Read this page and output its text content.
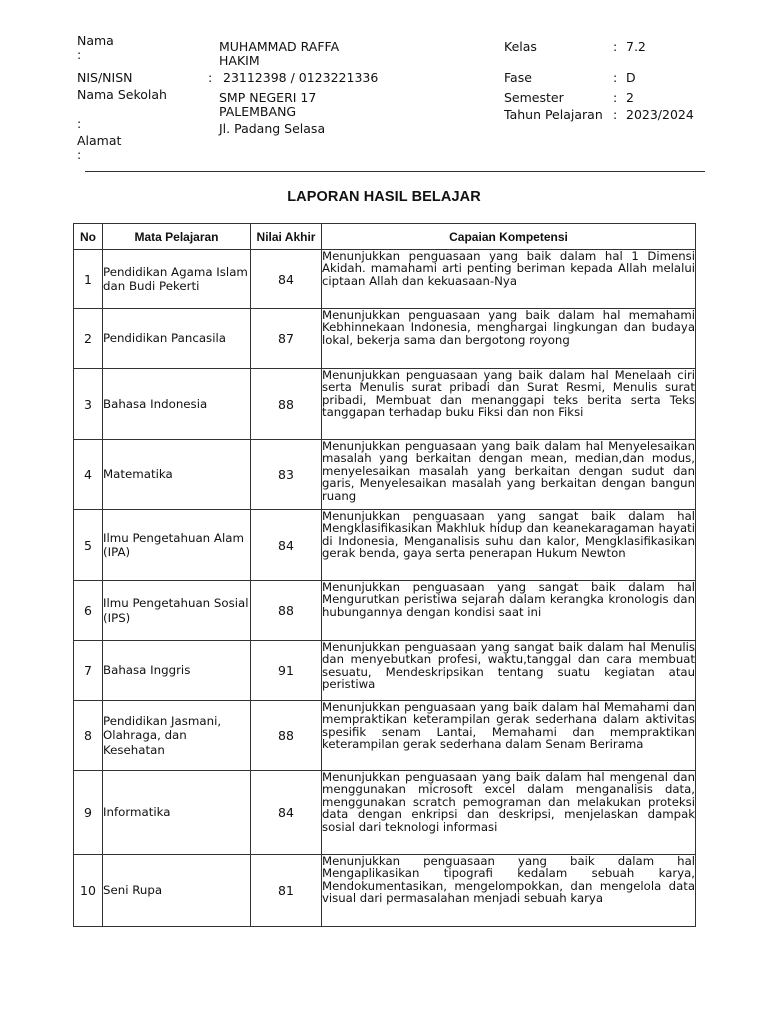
Nama
:
MUHAMMAD RAFFA
HAKIM
NIS/NISN	: 23112398 / 0123221336
Nama Sekolah
:
SMP NEGERI 17
PALEMBANG
Alamat
:
Jl. Padang Selasa
Kelas	: 7.2
Fase	: D
Semester	: 2
Tahun Pelajaran : 2023/2024
LAPORAN HASIL BELAJAR
No	Mata Pelajaran	Nilai Akhir	Capaian Kompetensi
1	Pendidikan Agama Islam dan Budi Pekerti	84	Menunjukkan penguasaan yang baik dalam hal 1 Dimensi Akidah. mamahami arti penting beriman kepada Allah melalui ciptaan Allah dan kekuasaan-Nya
2	Pendidikan Pancasila	87	Menunjukkan penguasaan yang baik dalam hal memahami Kebhinnekaan Indonesia, menghargai lingkungan dan budaya lokal, bekerja sama dan bergotong royong
3	Bahasa Indonesia	88	Menunjukkan penguasaan yang baik dalam hal Menelaah ciri serta Menulis surat pribadi dan Surat Resmi, Menulis surat pribadi, Membuat dan menanggapi teks berita serta Teks tanggapan terhadap buku Fiksi dan non Fiksi
4	Matematika	83	Menunjukkan penguasaan yang baik dalam hal Menyelesaikan masalah yang berkaitan dengan mean, median,dan modus, menyelesaikan masalah yang berkaitan dengan sudut dan garis, Menyelesaikan masalah yang berkaitan dengan bangun ruang
5	Ilmu Pengetahuan Alam (IPA)	84	Menunjukkan penguasaan yang sangat baik dalam hal Mengklasifikasikan Makhluk hidup dan keanekaragaman hayati di Indonesia, Menganalisis suhu dan kalor, Mengklasifikasikan gerak benda, gaya serta penerapan Hukum Newton
6	Ilmu Pengetahuan Sosial (IPS)	88	Menunjukkan penguasaan yang sangat baik dalam hal Mengurutkan peristiwa sejarah dalam kerangka kronologis dan hubungannya dengan kondisi saat ini
7	Bahasa Inggris	91	Menunjukkan penguasaan yang sangat baik dalam hal Menulis dan menyebutkan profesi, waktu,tanggal dan cara membuat sesuatu, Mendeskripsikan tentang suatu kegiatan atau peristiwa
8	Pendidikan Jasmani, Olahraga, dan Kesehatan	88	Menunjukkan penguasaan yang baik dalam hal Memahami dan mempraktikan keterampilan gerak sederhana dalam aktivitas spesifik senam Lantai, Memahami dan mempraktikan keterampilan gerak sederhana dalam Senam Berirama
9	Informatika	84	Menunjukkan penguasaan yang baik dalam hal mengenal dan menggunakan microsoft excel dalam menganalisis data, menggunakan scratch pemograman dan melakukan proteksi data dengan enkripsi dan deskripsi, menjelaskan dampak sosial dari teknologi informasi
10	Seni Rupa	81	Menunjukkan penguasaan yang baik dalam hal Mengaplikasikan tipografi kedalam sebuah karya, Mendokumentasikan, mengelompokkan, dan mengelola data visual dari permasalahan menjadi sebuah karya
